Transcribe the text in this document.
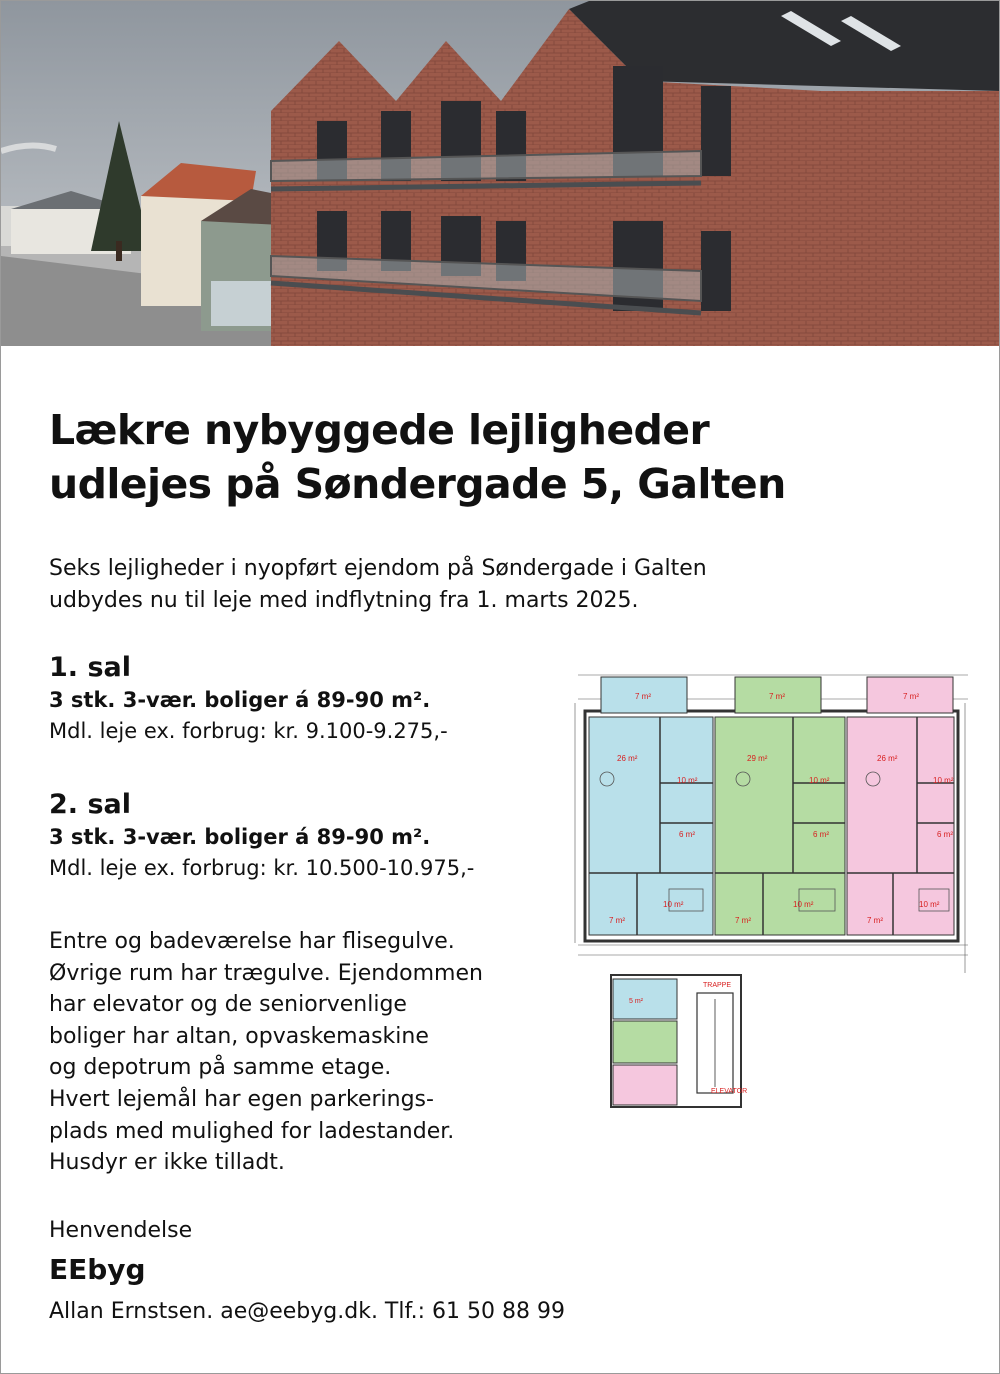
Lækre nybyggede lejligheder
udlejes på Søndergade 5, Galten
Seks lejligheder i nyopført ejendom på Søndergade i Galten
udbydes nu til leje med indflytning fra 1. marts 2025.
1. sal
3 stk. 3-vær. boliger á 89-90 m².
Mdl. leje ex. forbrug: kr. 9.100-9.275,-
2. sal
3 stk. 3-vær. boliger á 89-90 m².
Mdl. leje ex. forbrug: kr. 10.500-10.975,-
Entre og badeværelse har flisegulve.
Øvrige rum har trægulve. Ejendommen
har elevator og de seniorvenlige
boliger har altan, opvaskemaskine
og depotrum på samme etage.
Hvert lejemål har egen parkerings-
plads med mulighed for ladestander.
Husdyr er ikke tilladt.
Henvendelse
EEbyg
Allan Ernstsen. ae@eebyg.dk. Tlf.: 61 50 88 99
7 m²
26 m²
10 m²
6 m²
10 m²
7 m²
7 m²
29 m²
10 m²
6 m²
10 m²
7 m²
7 m²
26 m²
10 m²
6 m²
10 m²
7 m²
5 m²
TRAPPE
ELEVATOR
